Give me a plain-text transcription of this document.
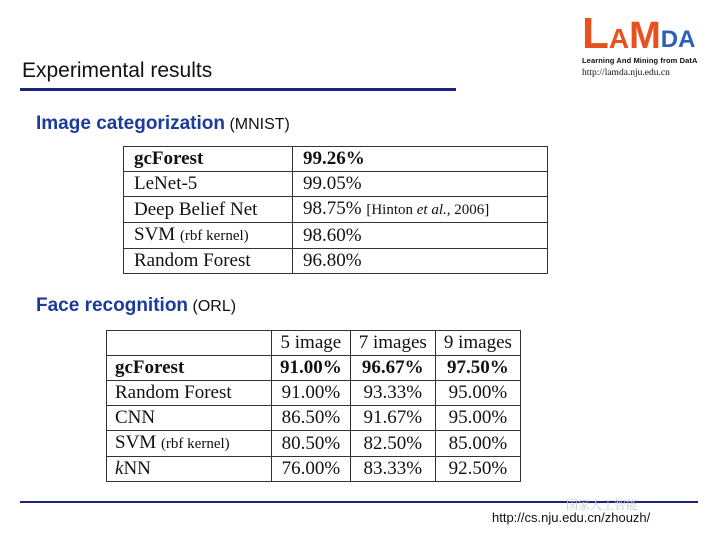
Experimental results
L A M DA
Learning And Mining from DatA
http://lamda.nju.edu.cn
Image categorization (MNIST)
gcForest	99.26%
LeNet-5	99.05%
Deep Belief Net	98.75% [Hinton et al., 2006]
SVM (rbf kernel)	98.60%
Random Forest	96.80%
Face recognition (ORL)
	5 image	7 images	9 images
gcForest	91.00%	96.67%	97.50%
Random Forest	91.00%	93.33%	95.00%
CNN	86.50%	91.67%	95.00%
SVM (rbf kernel)	80.50%	82.50%	85.00%
kNN	76.00%	83.33%	92.50%
国家人工智能
http://cs.nju.edu.cn/zhouzh/
